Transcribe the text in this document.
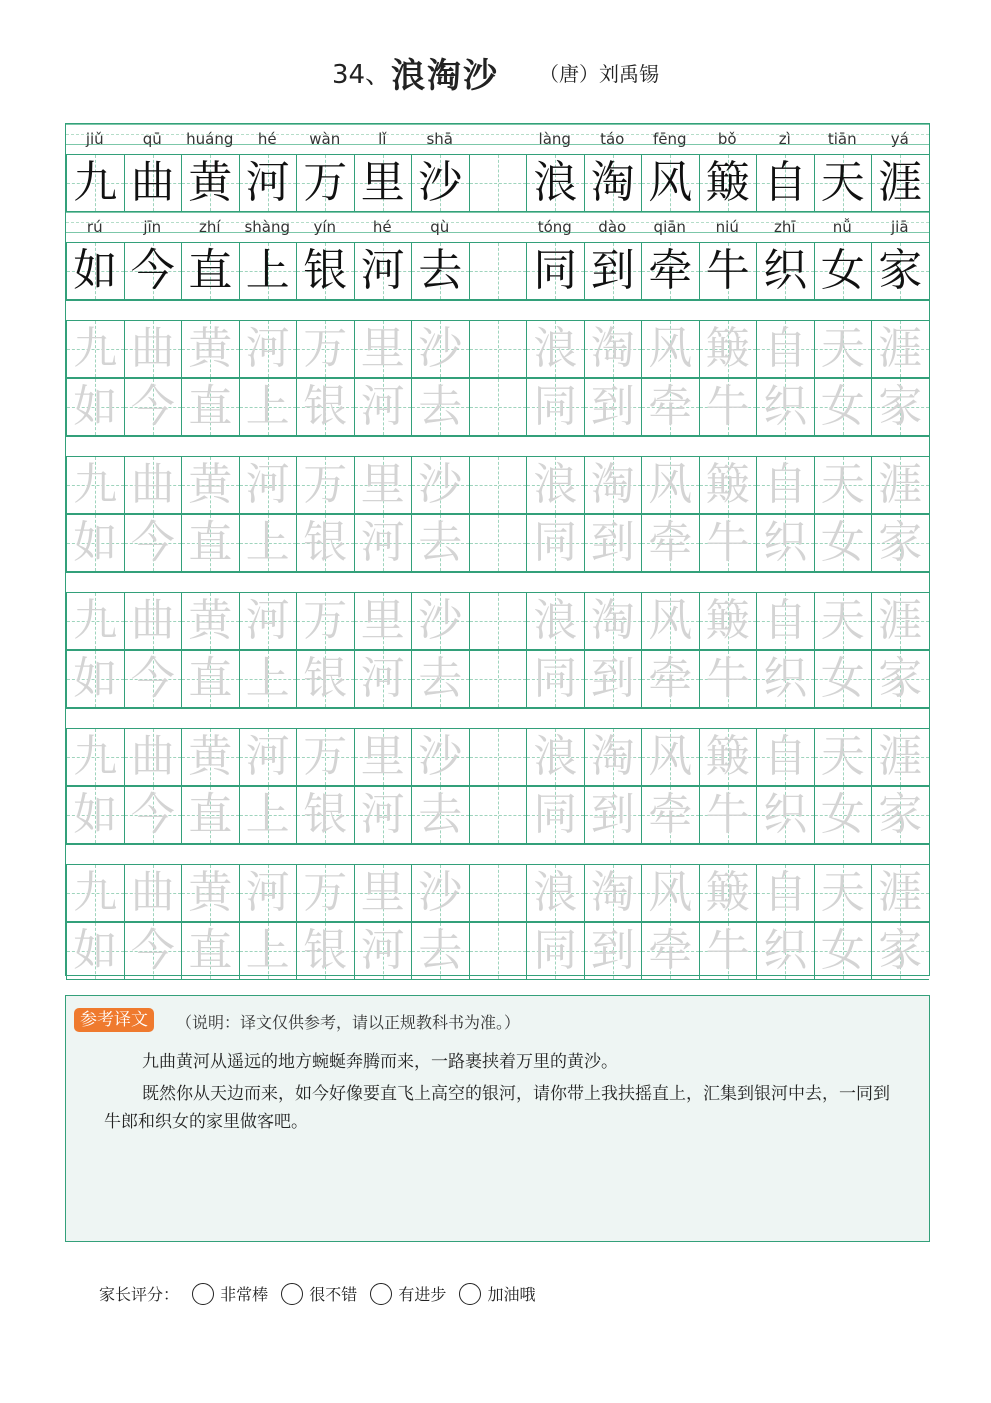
34、浪淘沙 （唐）刘禹锡
jiǔ	qū	huáng	hé	wàn	lǐ	shā	làng	táo	fēng	bǒ	zì	tiān	yá
九 曲 黄 河 万 里 沙 浪 淘 风 簸 自 天 涯
rú	jīn	zhí	shàng	yín	hé	qù	tóng	dào	qiān	niú	zhī	nǚ	jiā
如 今 直 上 银 河 去 同 到 牵 牛 织 女 家
九 曲 黄 河 万 里 沙 浪 淘 风 簸 自 天 涯
如 今 直 上 银 河 去 同 到 牵 牛 织 女 家
九 曲 黄 河 万 里 沙 浪 淘 风 簸 自 天 涯
如 今 直 上 银 河 去 同 到 牵 牛 织 女 家
九 曲 黄 河 万 里 沙 浪 淘 风 簸 自 天 涯
如 今 直 上 银 河 去 同 到 牵 牛 织 女 家
九 曲 黄 河 万 里 沙 浪 淘 风 簸 自 天 涯
如 今 直 上 银 河 去 同 到 牵 牛 织 女 家
九 曲 黄 河 万 里 沙 浪 淘 风 簸 自 天 涯
如 今 直 上 银 河 去 同 到 牵 牛 织 女 家
参考译文	（说明：译文仅供参考，请以正规教科书为准。）
九曲黄河从遥远的地方蜿蜒奔腾而来，一路裹挟着万里的黄沙。
既然你从天边而来，如今好像要直飞上高空的银河，请你带上我扶摇直上，汇集到银河中去，一同到牛郎和织女的家里做客吧。
家长评分：	非常棒	很不错	有进步	加油哦
